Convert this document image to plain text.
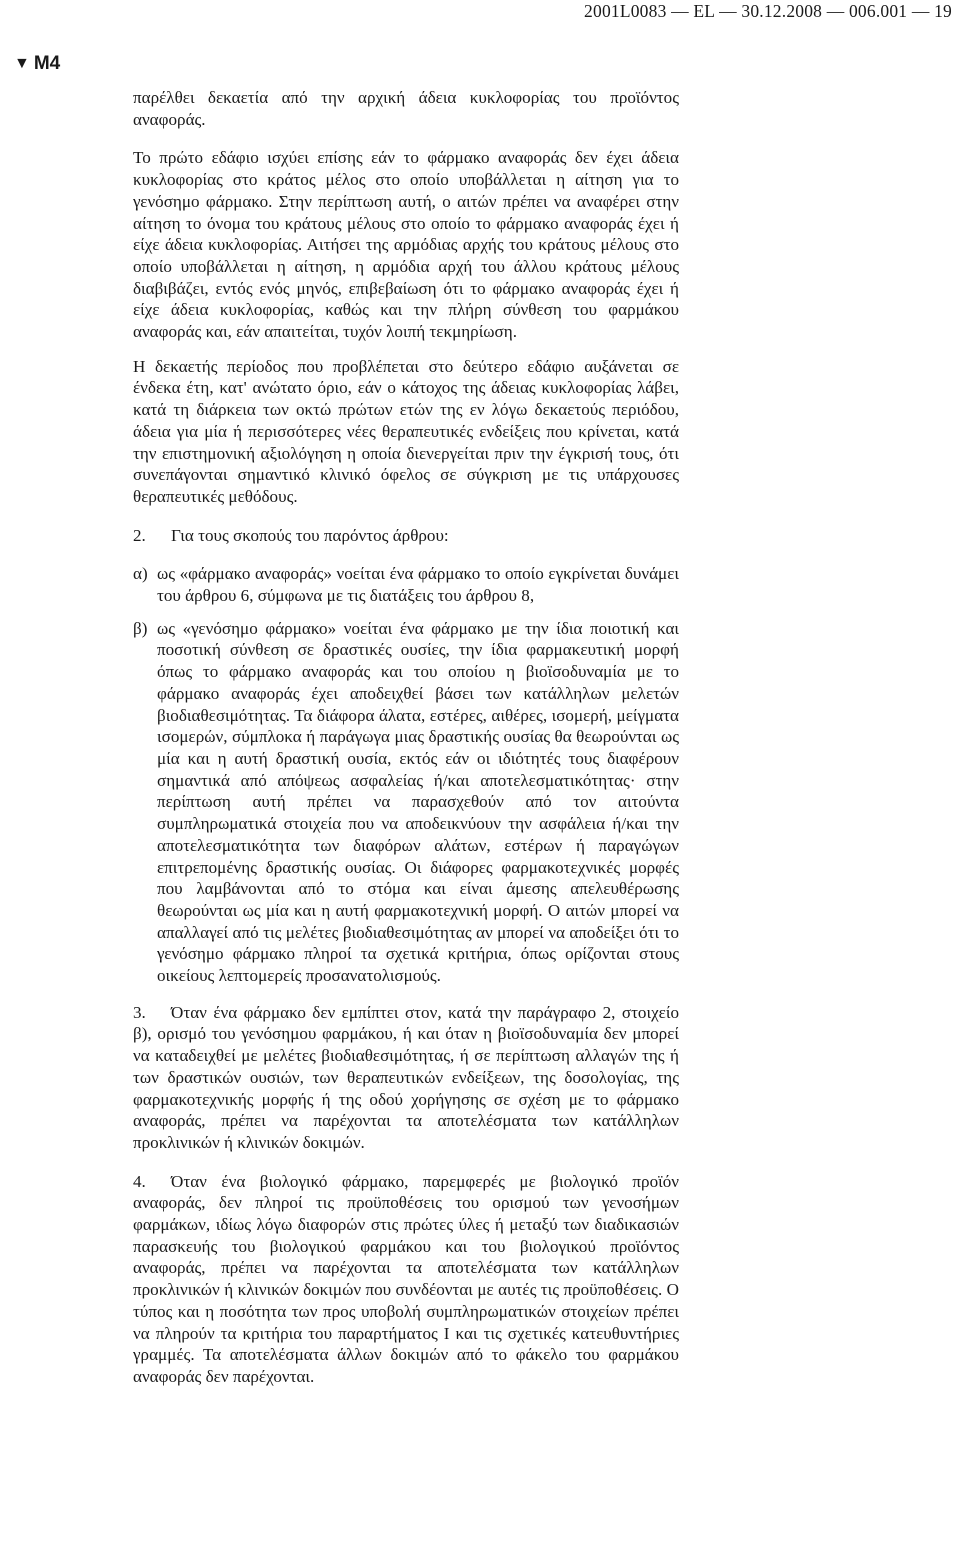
2001L0083 — EL — 30.12.2008 — 006.001 — 19
▼ M4

παρέλθει δεκαετία από την αρχική άδεια κυκλοφορίας του προϊόντος αναφοράς.

Το πρώτο εδάφιο ισχύει επίσης εάν το φάρμακο αναφοράς δεν έχει άδεια κυκλοφορίας στο κράτος μέλος στο οποίο υποβάλλεται η αίτηση για το γενόσημο φάρμακο. Στην περίπτωση αυτή, ο αιτών πρέπει να αναφέρει στην αίτηση το όνομα του κράτους μέλους στο οποίο το φάρμακο αναφοράς έχει ή είχε άδεια κυκλοφορίας. Αιτήσει της αρμόδιας αρχής του κράτους μέλους στο οποίο υποβάλλεται η αίτηση, η αρμόδια αρχή του άλλου κράτους μέλους διαβιβάζει, εντός ενός μηνός, επιβεβαίωση ότι το φάρμακο αναφοράς έχει ή είχε άδεια κυκλοφορίας, καθώς και την πλήρη σύνθεση του φαρμάκου αναφοράς και, εάν απαιτείται, τυχόν λοιπή τεκμηρίωση.

Η δεκαετής περίοδος που προβλέπεται στο δεύτερο εδάφιο αυξάνεται σε ένδεκα έτη, κατ' ανώτατο όριο, εάν ο κάτοχος της άδειας κυκλοφορίας λάβει, κατά τη διάρκεια των οκτώ πρώτων ετών της εν λόγω δεκαετούς περιόδου, άδεια για μία ή περισσότερες νέες θεραπευτικές ενδείξεις που κρίνεται, κατά την επιστημονική αξιολόγηση η οποία διενεργείται πριν την έγκρισή τους, ότι συνεπάγονται σημαντικό κλινικό όφελος σε σύγκριση με τις υπάρχουσες θεραπευτικές μεθόδους.

2. Για τους σκοπούς του παρόντος άρθρου:

α) ως «φάρμακο αναφοράς» νοείται ένα φάρμακο το οποίο εγκρίνεται δυνάμει του άρθρου 6, σύμφωνα με τις διατάξεις του άρθρου 8,
β) ως «γενόσημο φάρμακο» νοείται ένα φάρμακο με την ίδια ποιοτική και ποσοτική σύνθεση σε δραστικές ουσίες, την ίδια φαρμακευτική μορφή όπως το φάρμακο αναφοράς και του οποίου η βιοϊσοδυναμία με το φάρμακο αναφοράς έχει αποδειχθεί βάσει των κατάλληλων μελετών βιοδιαθεσιμότητας. Τα διάφορα άλατα, εστέρες, αιθέρες, ισομερή, μείγματα ισομερών, σύμπλοκα ή παράγωγα μιας δραστικής ουσίας θα θεωρούνται ως μία και η αυτή δραστική ουσία, εκτός εάν οι ιδιότητές τους διαφέρουν σημαντικά από απόψεως ασφαλείας ή/και αποτελεσματικότητας· στην περίπτωση αυτή πρέπει να παρασχεθούν από τον αιτούντα συμπληρωματικά στοιχεία που να αποδεικνύουν την ασφάλεια ή/και την αποτελεσματικότητα των διαφόρων αλάτων, εστέρων ή παραγώγων επιτρεπομένης δραστικής ουσίας. Οι διάφορες φαρμακοτεχνικές μορφές που λαμβάνονται από το στόμα και είναι άμεσης απελευθέρωσης θεωρούνται ως μία και η αυτή φαρμακοτεχνική μορφή. Ο αιτών μπορεί να απαλλαγεί από τις μελέτες βιοδιαθεσιμότητας αν μπορεί να αποδείξει ότι το γενόσημο φάρμακο πληροί τα σχετικά κριτήρια, όπως ορίζονται στους οικείους λεπτομερείς προσανατολισμούς.

3. Όταν ένα φάρμακο δεν εμπίπτει στον, κατά την παράγραφο 2, στοιχείο β), ορισμό του γενόσημου φαρμάκου, ή και όταν η βιοϊσοδυναμία δεν μπορεί να καταδειχθεί με μελέτες βιοδιαθεσιμότητας, ή σε περίπτωση αλλαγών της ή των δραστικών ουσιών, των θεραπευτικών ενδείξεων, της δοσολογίας, της φαρμακοτεχνικής μορφής ή της οδού χορήγησης σε σχέση με το φάρμακο αναφοράς, πρέπει να παρέχονται τα αποτελέσματα των κατάλληλων προκλινικών ή κλινικών δοκιμών.

4. Όταν ένα βιολογικό φάρμακο, παρεμφερές με βιολογικό προϊόν αναφοράς, δεν πληροί τις προϋποθέσεις του ορισμού των γενοσήμων φαρμάκων, ιδίως λόγω διαφορών στις πρώτες ύλες ή μεταξύ των διαδικασιών παρασκευής του βιολογικού φαρμάκου και του βιολογικού προϊόντος αναφοράς, πρέπει να παρέχονται τα αποτελέσματα των κατάλληλων προκλινικών ή κλινικών δοκιμών που συνδέονται με αυτές τις προϋποθέσεις. Ο τύπος και η ποσότητα των προς υποβολή συμπληρωματικών στοιχείων πρέπει να πληρούν τα κριτήρια του παραρτήματος I και τις σχετικές κατευθυντήριες γραμμές. Τα αποτελέσματα άλλων δοκιμών από το φάκελο του φαρμάκου αναφοράς δεν παρέχονται.
